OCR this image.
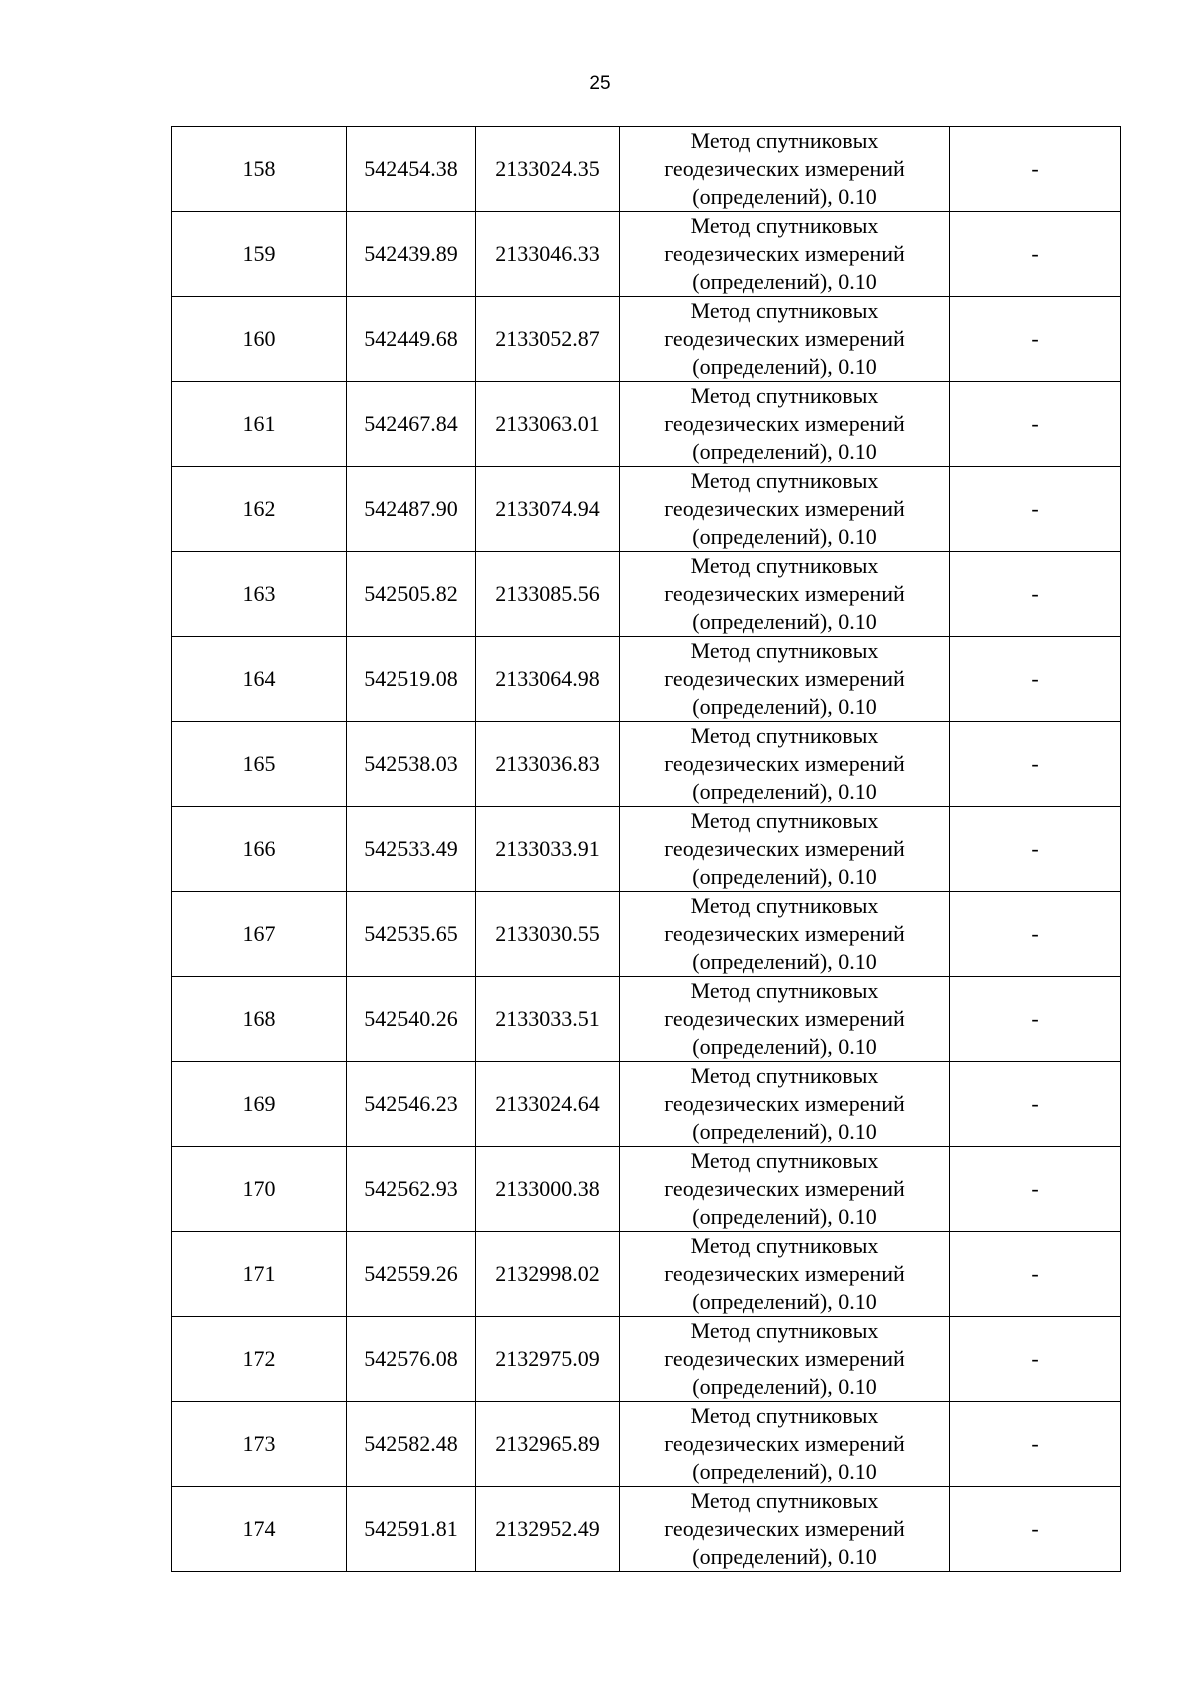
25
158	542454.38	2133024.35	Метод спутниковых
геодезических измерений
(определений), 0.10	-
159	542439.89	2133046.33	Метод спутниковых
геодезических измерений
(определений), 0.10	-
160	542449.68	2133052.87	Метод спутниковых
геодезических измерений
(определений), 0.10	-
161	542467.84	2133063.01	Метод спутниковых
геодезических измерений
(определений), 0.10	-
162	542487.90	2133074.94	Метод спутниковых
геодезических измерений
(определений), 0.10	-
163	542505.82	2133085.56	Метод спутниковых
геодезических измерений
(определений), 0.10	-
164	542519.08	2133064.98	Метод спутниковых
геодезических измерений
(определений), 0.10	-
165	542538.03	2133036.83	Метод спутниковых
геодезических измерений
(определений), 0.10	-
166	542533.49	2133033.91	Метод спутниковых
геодезических измерений
(определений), 0.10	-
167	542535.65	2133030.55	Метод спутниковых
геодезических измерений
(определений), 0.10	-
168	542540.26	2133033.51	Метод спутниковых
геодезических измерений
(определений), 0.10	-
169	542546.23	2133024.64	Метод спутниковых
геодезических измерений
(определений), 0.10	-
170	542562.93	2133000.38	Метод спутниковых
геодезических измерений
(определений), 0.10	-
171	542559.26	2132998.02	Метод спутниковых
геодезических измерений
(определений), 0.10	-
172	542576.08	2132975.09	Метод спутниковых
геодезических измерений
(определений), 0.10	-
173	542582.48	2132965.89	Метод спутниковых
геодезических измерений
(определений), 0.10	-
174	542591.81	2132952.49	Метод спутниковых
геодезических измерений
(определений), 0.10	-
